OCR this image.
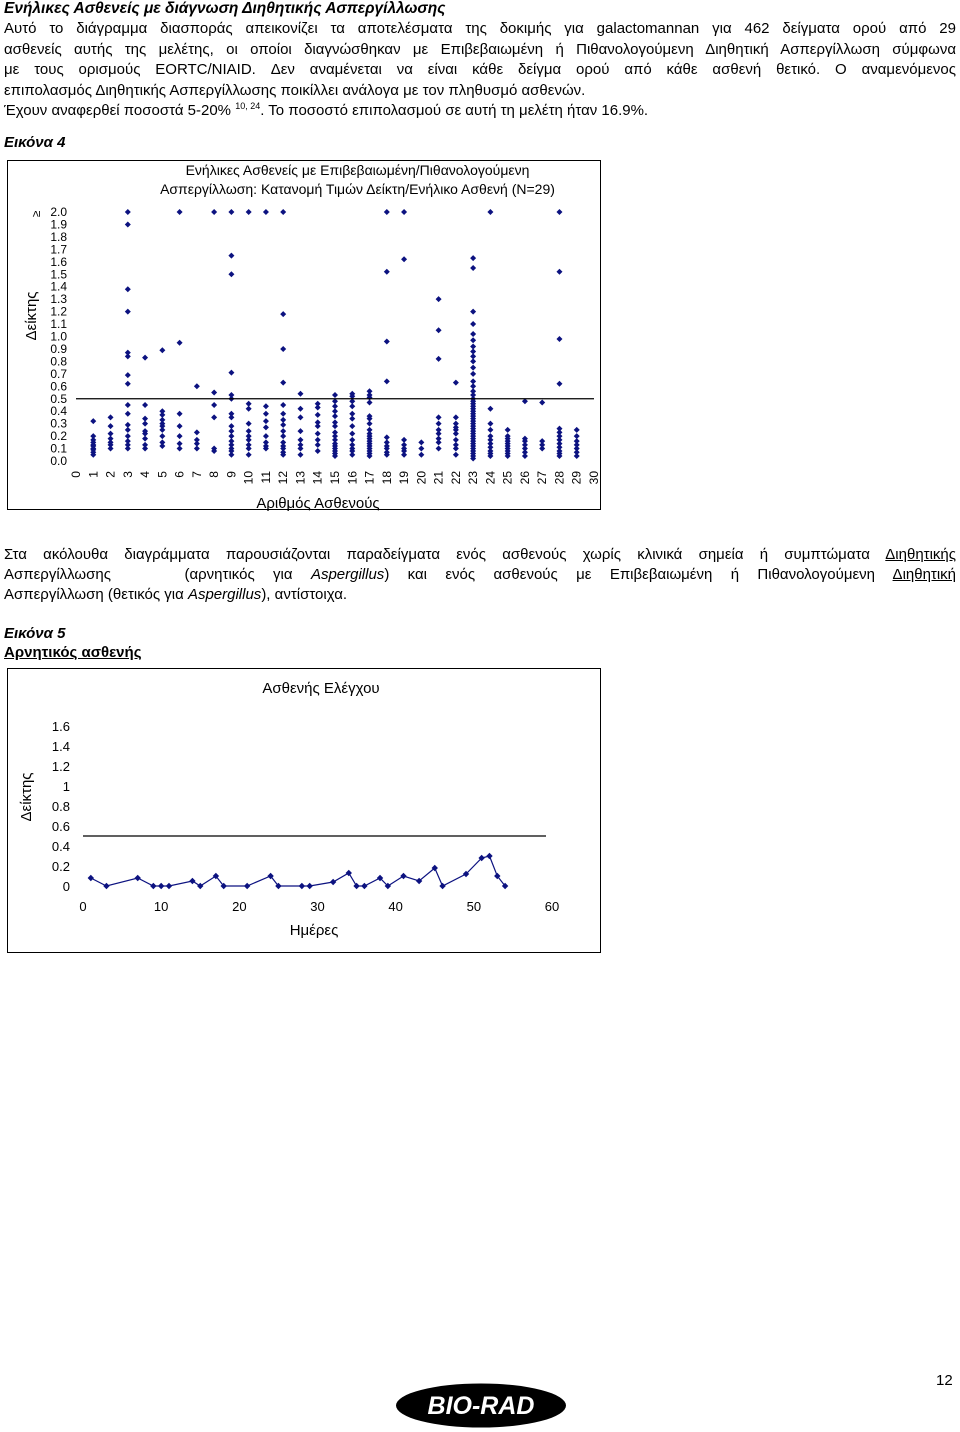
Ενήλικες Ασθενείς με διάγνωση Διηθητικής Ασπεργίλλωσης
Αυτό το διάγραμμα διασποράς απεικονίζει τα αποτελέσματα της δοκιμής για galactomannan για 462 δείγματα ορού από 29
ασθενείς αυτής της μελέτης, οι οποίοι διαγνώσθηκαν με Επιβεβαιωμένη ή Πιθανολογούμενη Διηθητική Ασπεργίλλωση σύμφωνα
με τους ορισμούς EORTC/NIAID. Δεν αναμένεται να είναι κάθε δείγμα ορού από κάθε ασθενή θετικό. Ο αναμενόμενος
επιπολασμός Διηθητικής Ασπεργίλλωσης ποικίλλει ανάλογα με τον πληθυσμό ασθενών.
Έχουν αναφερθεί ποσοστά 5-20% $^{10, 24}$. Το ποσοστό επιπολασμού σε αυτή τη μελέτη ήταν 16.9%.
Εικόνα 4
Ενήλικες Ασθενείς με Επιβεβαιωμένη/Πιθανολογούμενη
Ασπεργίλλωση: Κατανομή Τιμών Δείκτη/Ενήλικο Ασθενή (N=29)
Δείκτης
≥
0.0
0.1
0.2
0.3
0.4
0.5
0.6
0.7
0.8
0.9
1.0
1.1
1.2
1.3
1.4
1.5
1.6
1.7
1.8
1.9
2.0
0 1 2 3 4 5 6 7 8 9 10 11 12 13 14 15 16 17 18 19 20 21 22 23 24 25 26 27 28 29 30
Αριθμός Ασθενούς
Στα ακόλουθα διαγράμματα παρουσιάζονται παραδείγματα ενός ασθενούς χωρίς κλινικά σημεία ή συμπτώματα Διηθητικής
Ασπεργίλλωσης	(αρνητικός για Aspergillus) και ενός ασθενούς με Επιβεβαιωμένη ή Πιθανολογούμενη Διηθητική
Ασπεργίλλωση (θετικός για Aspergillus), αντίστοιχα.
Εικόνα 5
Αρνητικός ασθενής
Ασθενής Ελέγχου
Δείκτης
0
0.2
0.4
0.6
0.8
1
1.2
1.4
1.6
0	10	20	30	40	50	60
Ημέρες
12
BIO-RAD
